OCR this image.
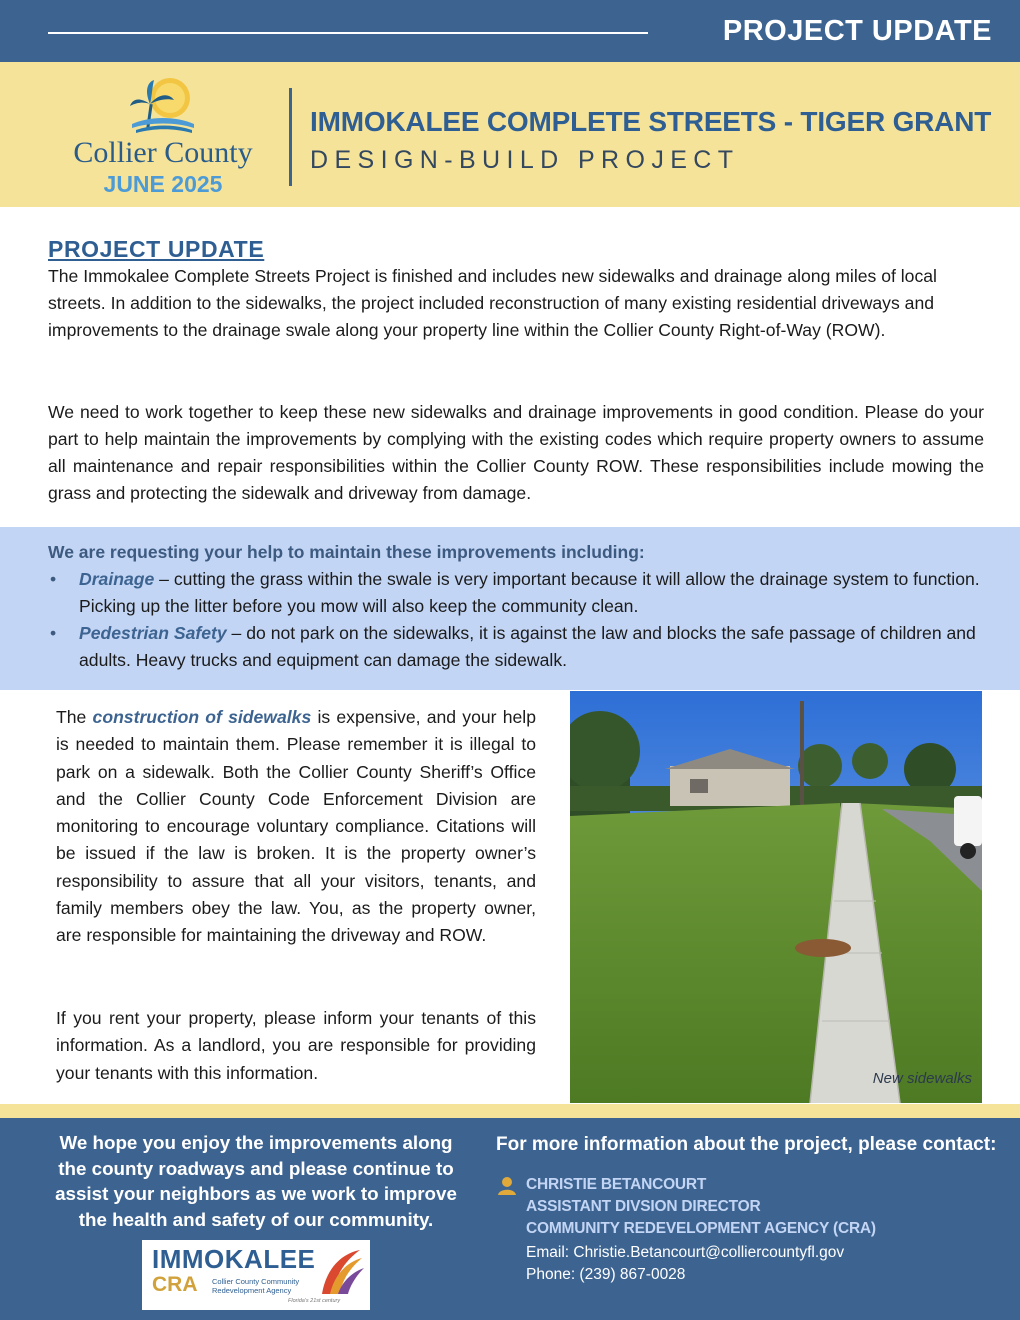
PROJECT UPDATE
Collier County
JUNE 2025
IMMOKALEE COMPLETE STREETS - TIGER GRANT
DESIGN-BUILD PROJECT
PROJECT UPDATE

The Immokalee Complete Streets Project is finished and includes new sidewalks and drainage along miles of local streets. In addition to the sidewalks, the project included reconstruction of many existing residential driveways and improvements to the drainage swale along your property line within the Collier County Right-of-Way (ROW).

We need to work together to keep these new sidewalks and drainage improvements in good condition. Please do your part to help maintain the improvements by complying with the existing codes which require property owners to assume all maintenance and repair responsibilities within the Collier County ROW. These responsibilities include mowing the grass and protecting the sidewalk and driveway from damage.

We are requesting your help to maintain these improvements including:
• Drainage – cutting the grass within the swale is very important because it will allow the drainage system to function. Picking up the litter before you mow will also keep the community clean.
• Pedestrian Safety – do not park on the sidewalks, it is against the law and blocks the safe passage of children and adults. Heavy trucks and equipment can damage the sidewalk.

The construction of sidewalks is expensive, and your help is needed to maintain them. Please remember it is illegal to park on a sidewalk. Both the Collier County Sheriff’s Office and the Collier County Code Enforcement Division are monitoring to encourage voluntary compliance. Citations will be issued if the law is broken. It is the property owner’s responsibility to assure that all your visitors, tenants, and family members obey the law. You, as the property owner, are responsible for maintaining the driveway and ROW.

If you rent your property, please inform your tenants of this information. As a landlord, you are responsible for providing your tenants with this information.	New sidewalks
We hope you enjoy the improvements along the county roadways and please continue to assist your neighbors as we work to improve the health and safety of our community.
IMMOKALEE
CRA Collier County Community
Redevelopment Agency
Florida's 21st century
For more information about the project, please contact:
CHRISTIE BETANCOURT
ASSISTANT DIVSION DIRECTOR
COMMUNITY REDEVELOPMENT AGENCY (CRA)
Email: Christie.Betancourt@colliercountyfl.gov
Phone: (239) 867-0028
